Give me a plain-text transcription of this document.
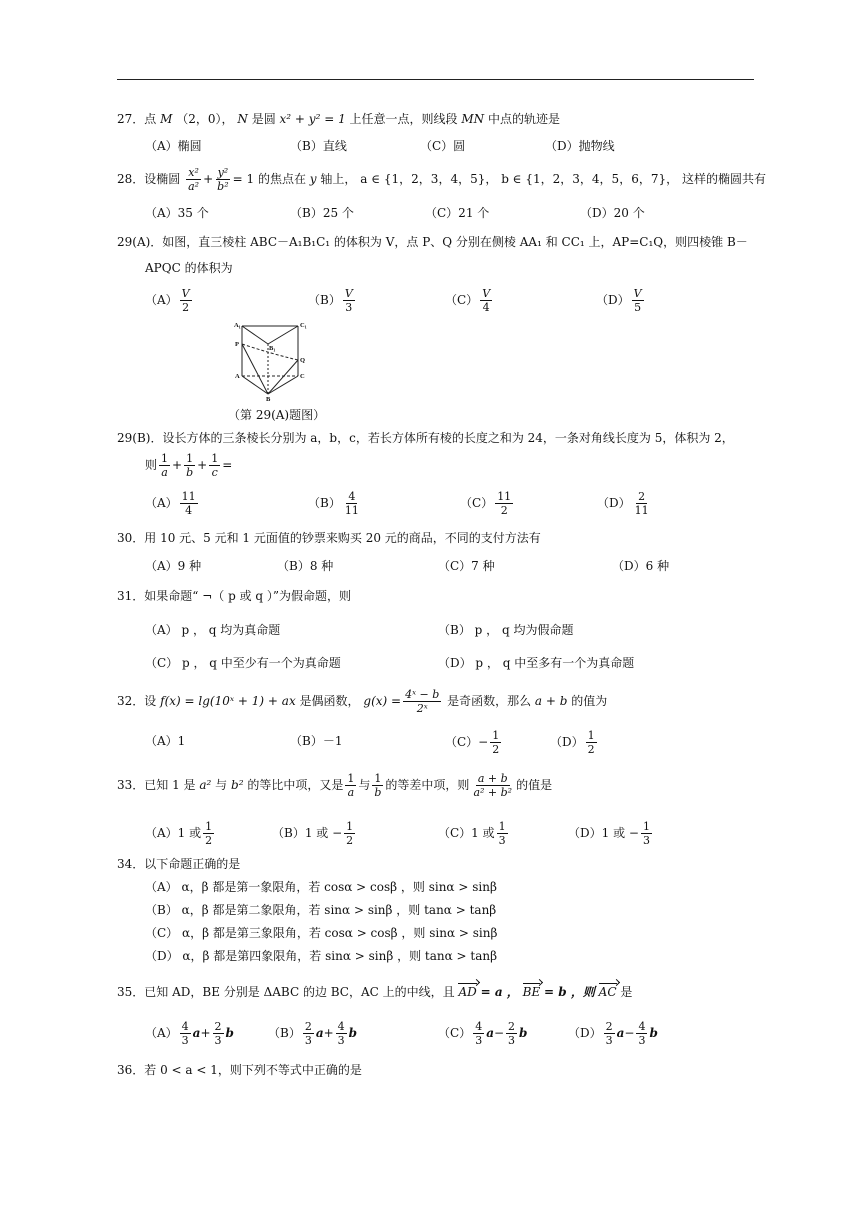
27．点 M （2，0）， N 是圆 x² + y² = 1 上任意一点，则线段 MN 中点的轨迹是
（A）椭圆	（B）直线	（C）圆	（D）抛物线
28．设椭圆 $\frac{\text{x²}}{\text{a²}} + \frac{\text{y²}}{\text{b²}} = 1$ 的焦点在 y 轴上， a ∈ {1，2，3，4，5}， b ∈ {1，2，3，4，5，6，7}， 这样的椭圆共有
（A）35 个	（B）25 个	（C）21 个	（D）20 个
29(A)．如图，直三棱柱 ABC－A₁B₁C₁ 的体积为 V，点 P、Q 分别在侧棱 AA₁ 和 CC₁ 上，AP=C₁Q，则四棱锥 B－
APQC 的体积为
$(A) \frac{V}{2}$	$(B) \frac{V}{3}$	$(C) \frac{V}{4}$	$(D) \frac{V}{5}$
A₁	C₁
P
B₁
Q
A	C
B
（第 29(A)题图）
29(B)．设长方体的三条棱长分别为 a，b，c，若长方体所有棱的长度之和为 24，一条对角线长度为 5，体积为 2，
则 $\frac{1}{a} + \frac{1}{b} + \frac{1}{c}$ =
$(A) \frac{11}{4}$	$(B) \frac{4}{11}$	$(C) \frac{11}{2}$	$(D) \frac{2}{11}$
30．用 10 元、5 元和 1 元面值的钞票来购买 20 元的商品，不同的支付方法有
（A）9 种	（B）8 种	（C）7 种	（D）6 种
31．如果命题“ ¬（ p 或 q ）”为假命题，则
（A） p ， q 均为真命题	（B） p ， q 均为假命题
（C） p ， q 中至少有一个为真命题	（D） p ， q 中至多有一个为真命题
32．设 f(x) = lg(10ˣ + 1) + ax 是偶函数， $g(x) = \frac{\text{4ˣ − b}}{\text{2ˣ}}$ 是奇函数，那么 a + b 的值为
（A）1	（B）－1	$(C)- \frac{1}{2}$	$(D) \frac{1}{2}$
33．已知 1 是 a² 与 b² 的等比中项，又是 $\frac{1}{a}$ 与 $\frac{1}{b}$ 的等差中项，则 $\frac{a + b}{\text{a² + b²}}$ 的值是
（A）1 或 $\frac{1}{2}$	（B）1 或 − $\frac{1}{2}$	（C）1 或 $\frac{1}{3}$	（D）1 或 − $\frac{1}{3}$
34．以下命题正确的是
（A） α，β 都是第一象限角，若 cosα > cosβ ，则 sinα > sinβ
（B） α，β 都是第二象限角，若 sinα > sinβ ，则 tanα > tanβ
（C） α，β 都是第三象限角，若 cosα > cosβ ，则 sinα > sinβ
（D） α，β 都是第四象限角，若 sinα > sinβ ，则 tanα > tanβ
35．已知 AD，BE 分别是 ΔABC 的边 BC，AC 上的中线，且 AD = a ， BE = b ，则 AC 是
$(A) \frac{4}{3} a+ \frac{2}{3}$ b	$(B) \frac{2}{3} a+ \frac{4}{3}$ b	$(C) \frac{4}{3} a- \frac{2}{3}$ b	$(D) \frac{2}{3} a- \frac{4}{3}$ b
36．若 0 < a < 1，则下列不等式中正确的是
